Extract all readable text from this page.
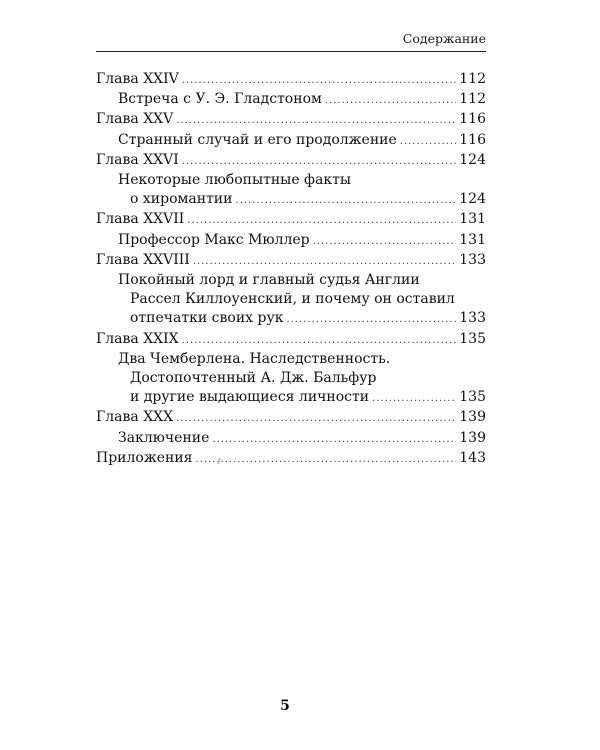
Содержание
Глава XXIV .....	112
Встреча с У. Э. Гладстоном .....	112
Глава XXV .....	116
Странный случай и его продолжение .....	116
Глава XXVI .....	124
Некоторые любопытные факты
о хиромантии .....	124
Глава XXVII .....	131
Профессор Макс Мюллер .....	131
Глава XXVIII .....	133
Покойный лорд и главный судья Англии
Рассел Киллоуенский, и почему он оставил
отпечатки своих рук .....	133
Глава XXIX .....	135
Два Чемберлена. Наследственность.
Достопочтенный А. Дж. Бальфур
и другие выдающиеся личности .....	135
Глава XXX .....	139
Заключение .....	139
Приложения .....	143
5
